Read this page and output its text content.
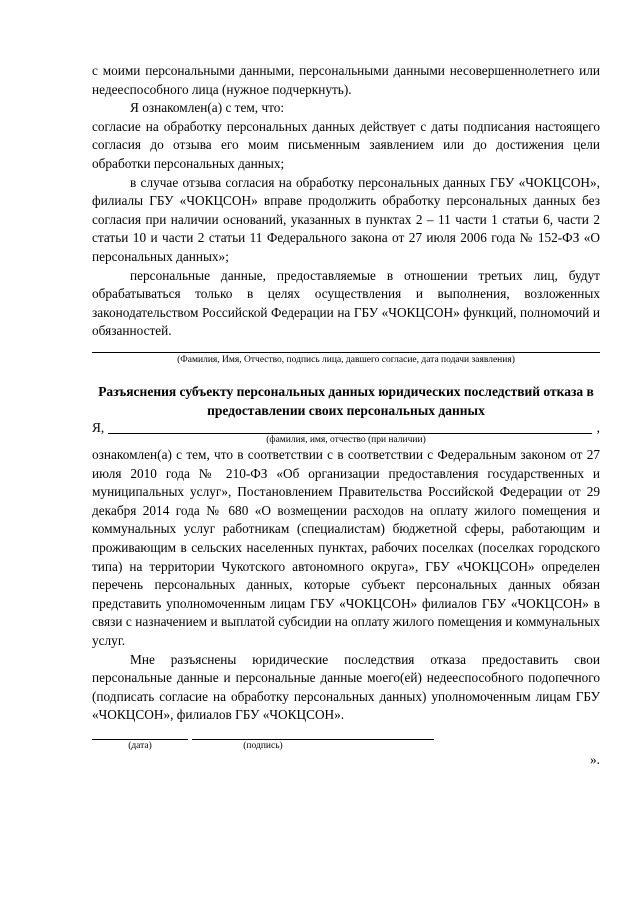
с моими персональными данными, персональными данными несовершеннолетнего или недееспособного лица (нужное подчеркнуть).

Я ознакомлен(а) с тем, что:

согласие на обработку персональных данных действует с даты подписания настоящего согласия до отзыва его моим письменным заявлением или до достижения цели обработки персональных данных;

в случае отзыва согласия на обработку персональных данных ГБУ «ЧОКЦСОН», филиалы ГБУ «ЧОКЦСОН» вправе продолжить обработку персональных данных без согласия при наличии оснований, указанных в пунктах 2 – 11 части 1 статьи 6, части 2 статьи 10 и части 2 статьи 11 Федерального закона от 27 июля 2006 года № 152-ФЗ «О персональных данных»;

персональные данные, предоставляемые в отношении третьих лиц, будут обрабатываться только в целях осуществления и выполнения, возложенных законодательством Российской Федерации на ГБУ «ЧОКЦСОН» функций, полномочий и обязанностей.

(Фамилия, Имя, Отчество, подпись лица, давшего согласие, дата подачи заявления)
Разъяснения субъекту персональных данных юридических последствий отказа в предоставлении своих персональных данных
Я,	,
(фамилия, имя, отчество (при наличии)

ознакомлен(а) с тем, что в соответствии с в соответствии с Федеральным законом от 27 июля 2010 года № 210-ФЗ «Об организации предоставления государственных и муниципальных услуг», Постановлением Правительства Российской Федерации от 29 декабря 2014 года № 680 «О возмещении расходов на оплату жилого помещения и коммунальных услуг работникам (специалистам) бюджетной сферы, работающим и проживающим в сельских населенных пунктах, рабочих поселках (поселках городского типа) на территории Чукотского автономного округа», ГБУ «ЧОКЦСОН» определен перечень персональных данных, которые субъект персональных данных обязан представить уполномоченным лицам ГБУ «ЧОКЦСОН» филиалов ГБУ «ЧОКЦСОН» в связи с назначением и выплатой субсидии на оплату жилого помещения и коммунальных услуг.

Мне разъяснены юридические последствия отказа предоставить свои персональные данные и персональные данные моего(ей) недееспособного подопечного (подписать согласие на обработку персональных данных) уполномоченным лицам ГБУ «ЧОКЦСОН», филиалов ГБУ «ЧОКЦСОН».

(дата)	(подпись)
».
